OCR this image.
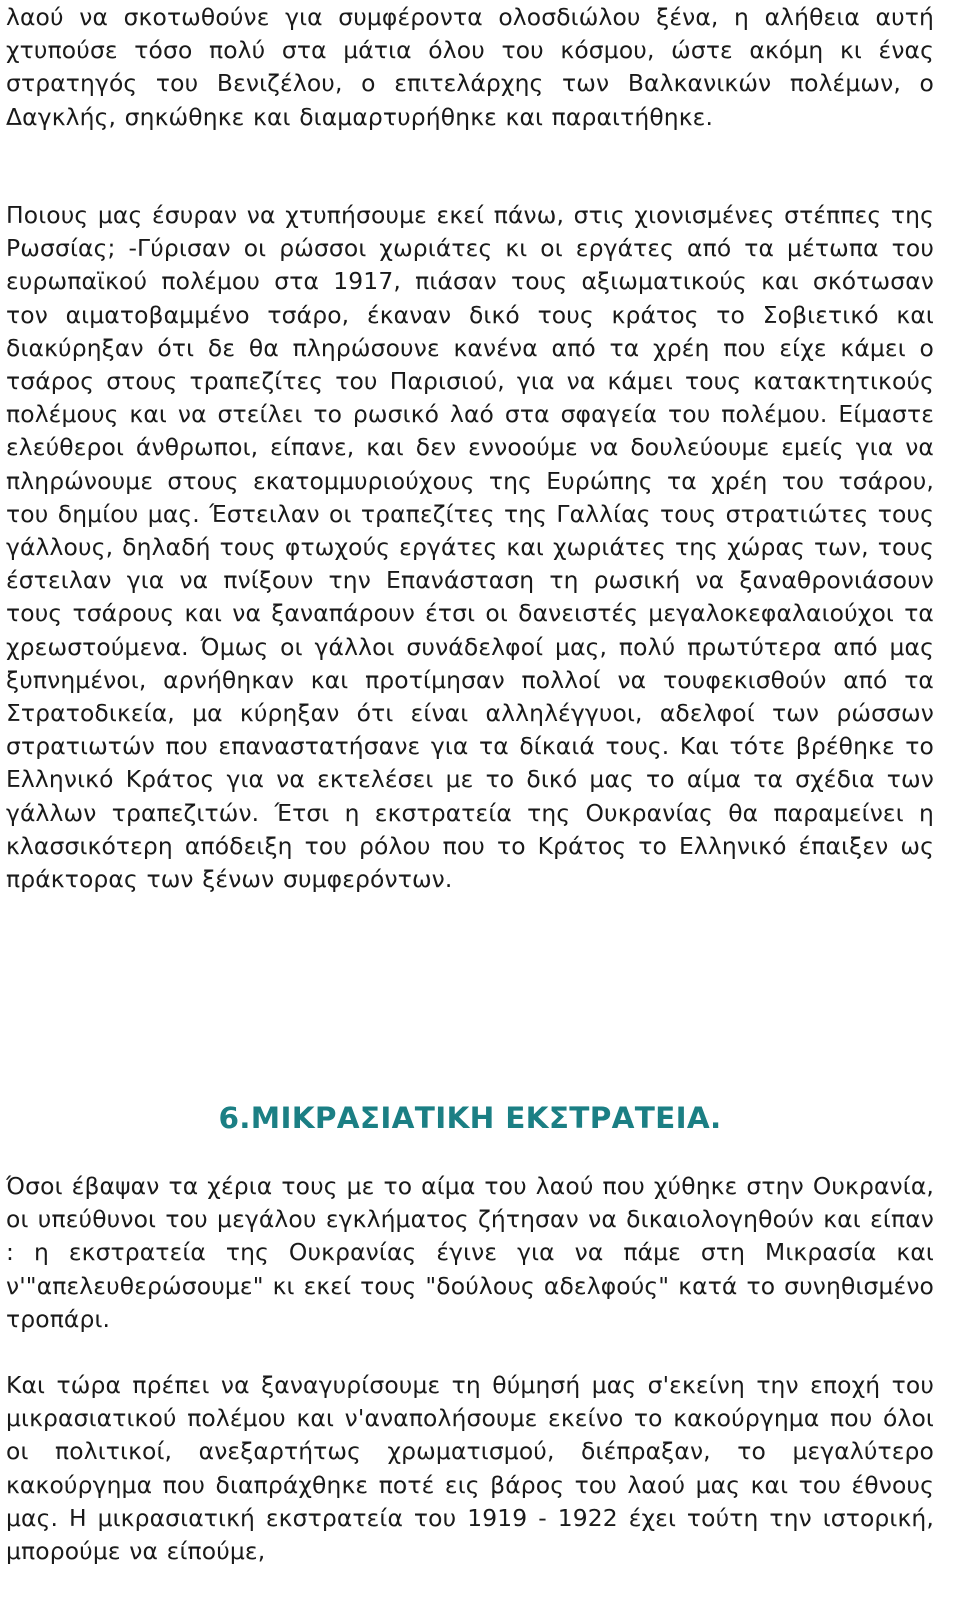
λαού να σκοτωθούνε για συμφέροντα ολοσδιώλου ξένα, η αλήθεια αυτή χτυπούσε τόσο πολύ στα μάτια όλου του κόσμου, ώστε ακόμη κι ένας στρατηγός του Βενιζέλου, ο επιτελάρχης των Βαλκανικών πολέμων, ο Δαγκλής, σηκώθηκε και διαμαρτυρήθηκε και παραιτήθηκε.

Ποιους μας έσυραν να χτυπήσουμε εκεί πάνω, στις χιονισμένες στέππες της Ρωσσίας; -Γύρισαν οι ρώσσοι χωριάτες κι οι εργάτες από τα μέτωπα του ευρωπαϊκού πολέμου στα 1917, πιάσαν τους αξιωματικούς και σκότωσαν τον αιματοβαμμένο τσάρο, έκαναν δικό τους κράτος το Σοβιετικό και διακύρηξαν ότι δε θα πληρώσουνε κανένα από τα χρέη που είχε κάμει ο τσάρος στους τραπεζίτες του Παρισιού, για να κάμει τους κατακτητικούς πολέμους και να στείλει το ρωσικό λαό στα σφαγεία του πολέμου. Είμαστε ελεύθεροι άνθρωποι, είπανε, και δεν εννοούμε να δουλεύουμε εμείς για να πληρώνουμε στους εκατομμυριούχους της Ευρώπης τα χρέη του τσάρου, του δημίου μας. Έστειλαν οι τραπεζίτες της Γαλλίας τους στρατιώτες τους γάλλους, δηλαδή τους φτωχούς εργάτες και χωριάτες της χώρας των, τους έστειλαν για να πνίξουν την Επανάσταση τη ρωσική να ξαναθρονιάσουν τους τσάρους και να ξαναπάρουν έτσι οι δανειστές μεγαλοκεφαλαιούχοι τα χρεωστούμενα. Όμως οι γάλλοι συνάδελφοί μας, πολύ πρωτύτερα από μας ξυπνημένοι, αρνήθηκαν και προτίμησαν πολλοί να τουφεκισθούν από τα Στρατοδικεία, μα κύρηξαν ότι είναι αλληλέγγυοι, αδελφοί των ρώσσων στρατιωτών που επαναστατήσανε για τα δίκαιά τους. Και τότε βρέθηκε το Ελληνικό Κράτος για να εκτελέσει με το δικό μας το αίμα τα σχέδια των γάλλων τραπεζιτών. Έτσι η εκστρατεία της Ουκρανίας θα παραμείνει η κλασσικότερη απόδειξη του ρόλου που το Κράτος το Ελληνικό έπαιξεν ως πράκτορας των ξένων συμφερόντων.

6.ΜΙΚΡΑΣΙΑΤΙΚΗ ΕΚΣΤΡΑΤΕΙΑ.

Όσοι έβαψαν τα χέρια τους με το αίμα του λαού που χύθηκε στην Ουκρανία, οι υπεύθυνοι του μεγάλου εγκλήματος ζήτησαν να δικαιολογηθούν και είπαν : η εκστρατεία της Ουκρανίας έγινε για να πάμε στη Μικρασία και ν'"απελευθερώσουμε" κι εκεί τους "δούλους αδελφούς" κατά το συνηθισμένο τροπάρι.

Και τώρα πρέπει να ξαναγυρίσουμε τη θύμησή μας σ'εκείνη την εποχή του μικρασιατικού πολέμου και ν'αναπολήσουμε εκείνο το κακούργημα που όλοι οι πολιτικοί, ανεξαρτήτως χρωματισμού, διέπραξαν, το μεγαλύτερο κακούργημα που διαπράχθηκε ποτέ εις βάρος του λαού μας και του έθνους μας. Η μικρασιατική εκστρατεία του 1919 - 1922 έχει τούτη την ιστορική, μπορούμε να είπούμε,
